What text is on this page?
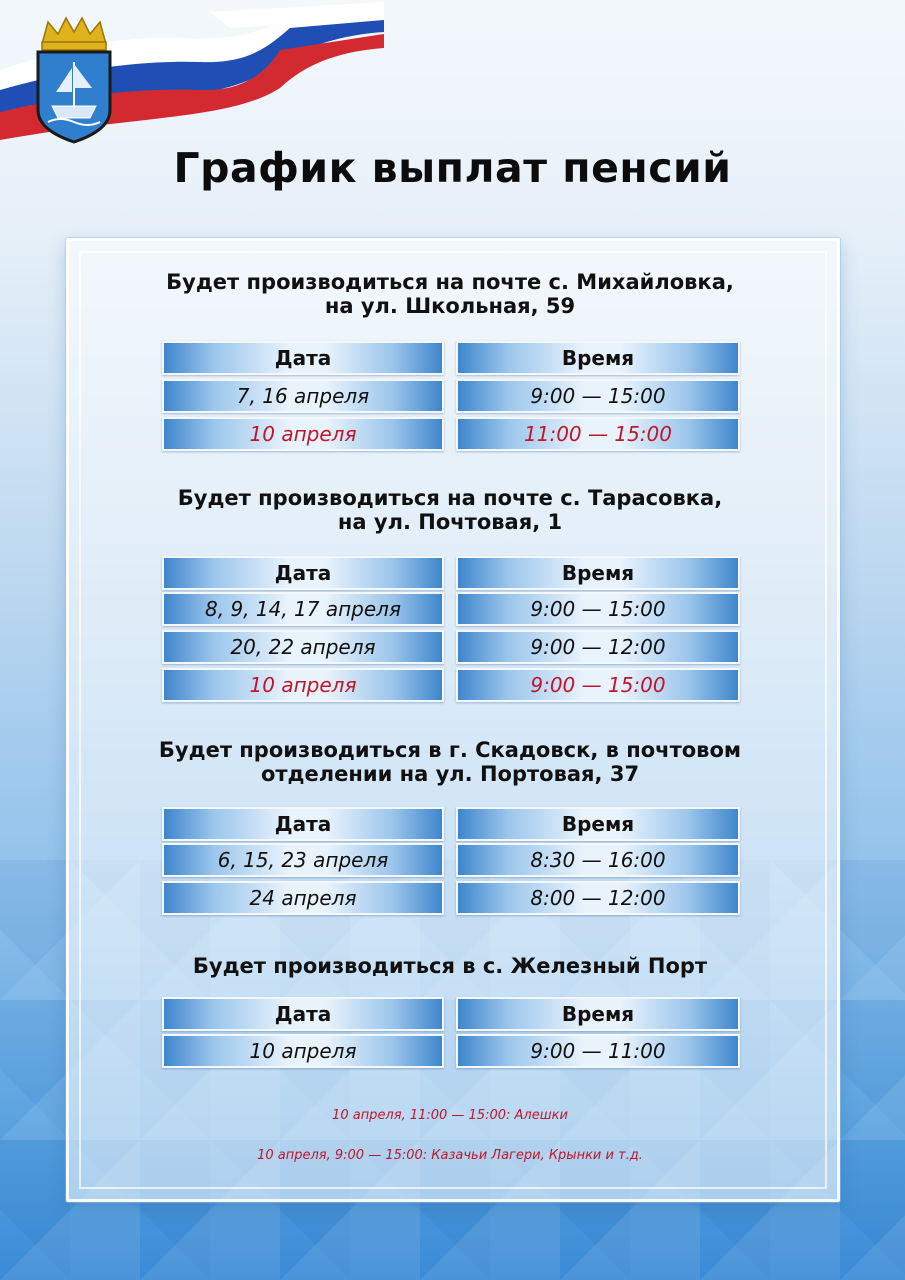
График выплат пенсий
Будет производиться на почте с. Михайловка,
на ул. Школьная, 59
Дата	Время
7, 16 апреля	9:00 — 15:00
10 апреля	11:00 — 15:00
Будет производиться на почте с. Тарасовка,
на ул. Почтовая, 1
Дата	Время
8, 9, 14, 17 апреля	9:00 — 15:00
20, 22 апреля	9:00 — 12:00
10 апреля	9:00 — 15:00
Будет производиться в г. Скадовск, в почтовом
отделении на ул. Портовая, 37
Дата	Время
6, 15, 23 апреля	8:30 — 16:00
24 апреля	8:00 — 12:00
Будет производиться в с. Железный Порт
Дата	Время
10 апреля	9:00 — 11:00
10 апреля, 11:00 — 15:00: Алешки
10 апреля, 9:00 — 15:00: Казачьи Лагери, Крынки и т.д.
